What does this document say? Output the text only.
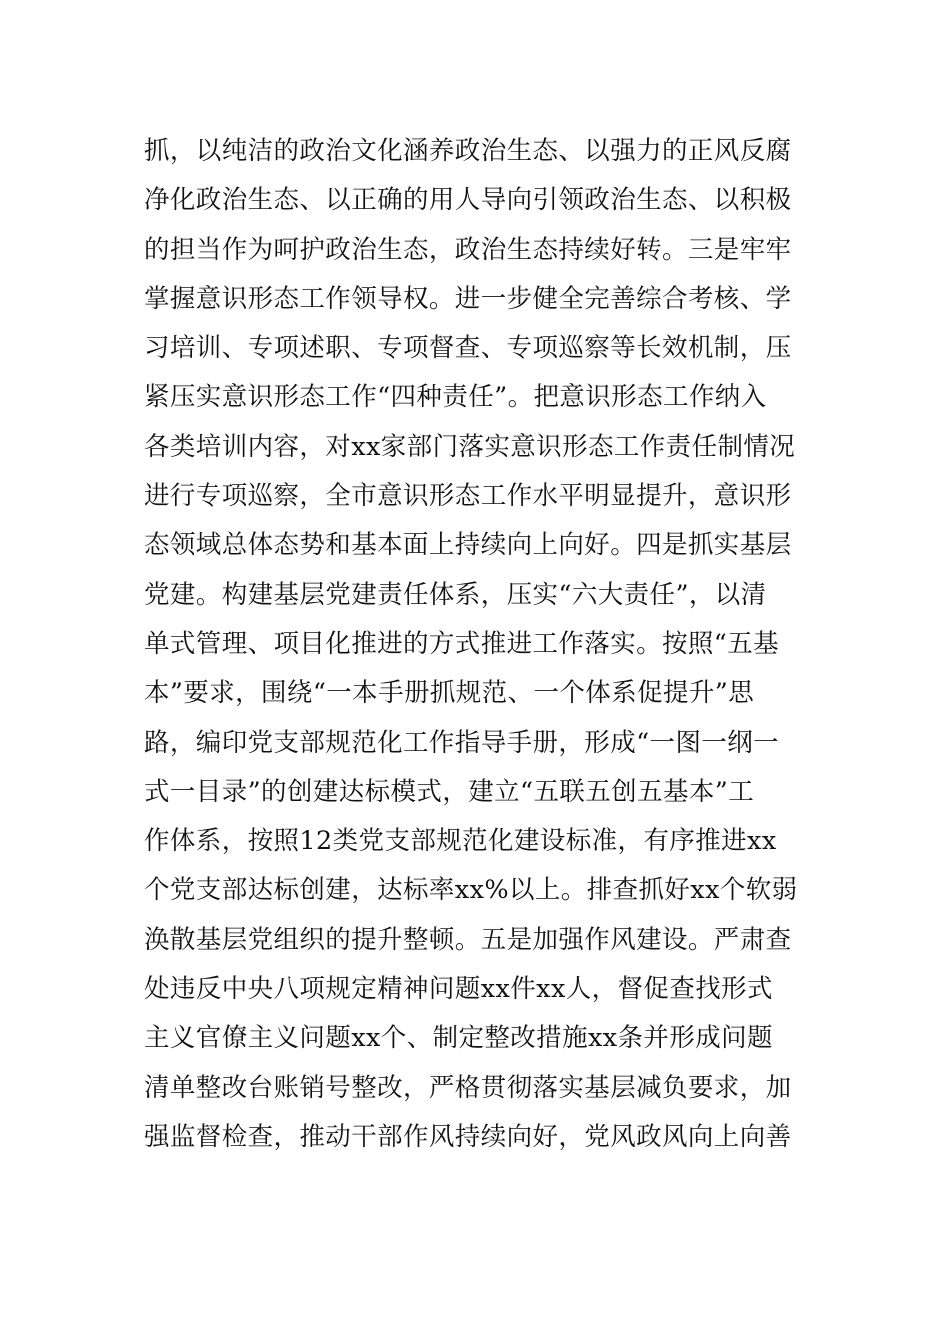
抓，以纯洁的政治文化涵养政治生态、以强力的正风反腐
净化政治生态、以正确的用人导向引领政治生态、以积极
的担当作为呵护政治生态，政治生态持续好转。三是牢牢
掌握意识形态工作领导权。进一步健全完善综合考核、学
习培训、专项述职、专项督查、专项巡察等长效机制，压
紧压实意识形态工作“四种责任”。把意识形态工作纳入
各类培训内容，对xx家部门落实意识形态工作责任制情况
进行专项巡察，全市意识形态工作水平明显提升，意识形
态领域总体态势和基本面上持续向上向好。四是抓实基层
党建。构建基层党建责任体系，压实“六大责任”，以清
单式管理、项目化推进的方式推进工作落实。按照“五基
本”要求，围绕“一本手册抓规范、一个体系促提升”思
路，编印党支部规范化工作指导手册，形成“一图一纲一
式一目录”的创建达标模式，建立“五联五创五基本”工
作体系，按照12类党支部规范化建设标准，有序推进xx
个党支部达标创建，达标率xx%以上。排查抓好xx个软弱
涣散基层党组织的提升整顿。五是加强作风建设。严肃查
处违反中央八项规定精神问题xx件xx人，督促查找形式
主义官僚主义问题xx个、制定整改措施xx条并形成问题
清单整改台账销号整改，严格贯彻落实基层减负要求，加
强监督检查，推动干部作风持续向好，党风政风向上向善
